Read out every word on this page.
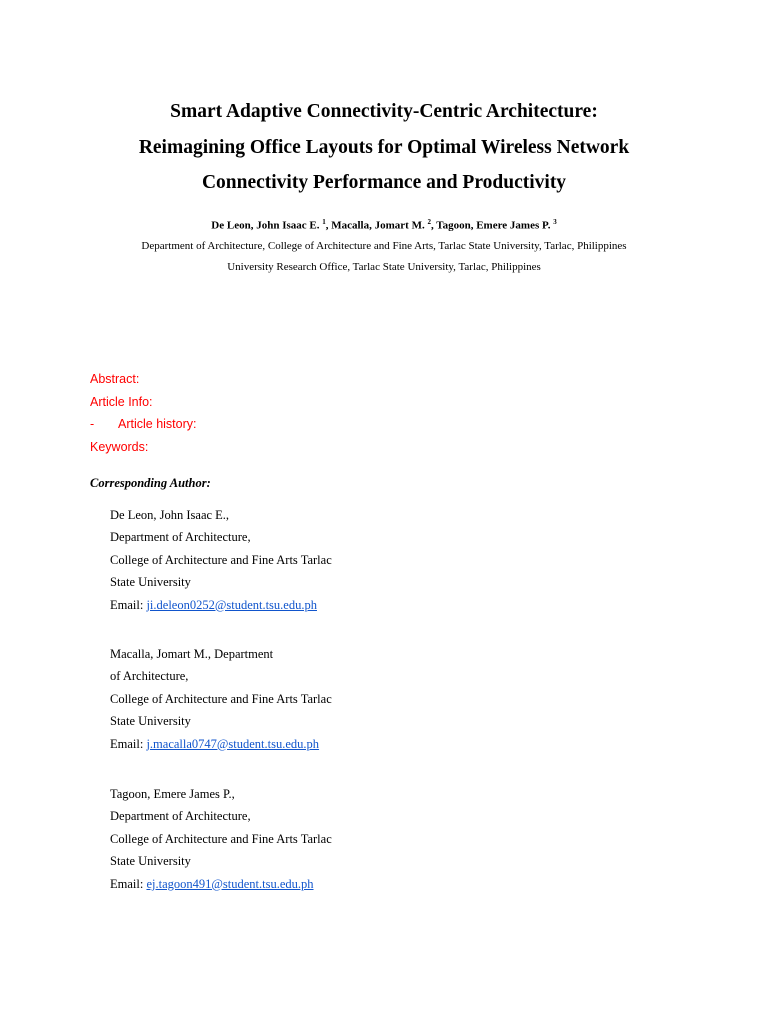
Smart Adaptive Connectivity-Centric Architecture:

Reimagining Office Layouts for Optimal Wireless Network

Connectivity Performance and Productivity

De Leon, John Isaac E. $^1$, Macalla, Jomart M. $^2$, Tagoon, Emere James P. $^3$
Department of Architecture, College of Architecture and Fine Arts, Tarlac State University, Tarlac, Philippines
University Research Office, Tarlac State University, Tarlac, Philippines
Abstract:
Article Info:
- Article history:
Keywords:
Corresponding Author:
De Leon, John Isaac E.,
Department of Architecture,
College of Architecture and Fine Arts Tarlac
State University
Email: ji.deleon0252@student.tsu.edu.ph
Macalla, Jomart M., Department
of Architecture,
College of Architecture and Fine Arts Tarlac
State University
Email: j.macalla0747@student.tsu.edu.ph
Tagoon, Emere James P.,
Department of Architecture,
College of Architecture and Fine Arts Tarlac
State University
Email: ej.tagoon491@student.tsu.edu.ph
